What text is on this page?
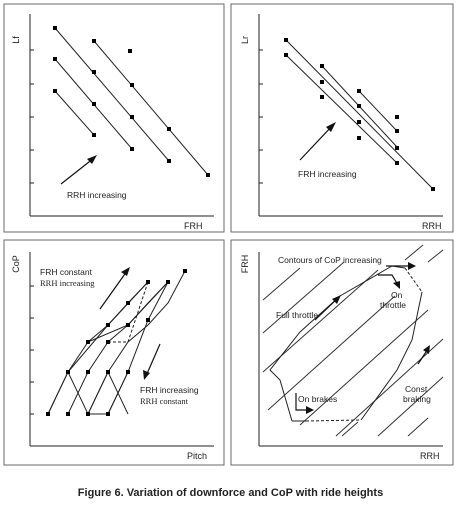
Lf
FRH
RRH increasing
Lr
RRH
FRH increasing
CoP
Pitch
FRH constant
RRH increasing
FRH increasing
RRH constant
FRH
RRH
Contours of CoP increasing
Full throttle
On
throttle
On brakes
Const
braking
Figure 6. Variation of downforce and CoP with ride heights
